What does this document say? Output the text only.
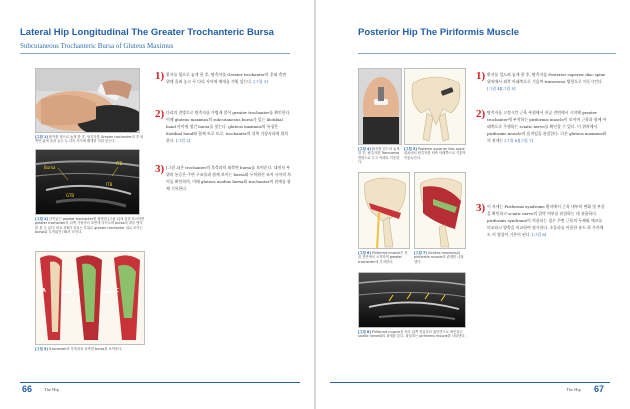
Lateral Hip Longitudinal The Greater Trochanteric Bursa
Subcutaneous Trochanteric Bursa of Gluteus Maximus
[그림 1] 환자를 옆으로 눕게 한 후, 탐촉자를 Greater trochanter의 후 외측면 위에 올려 놓고 두 다리 사이에 베개를 끼워 넣는다.
Bursa
ITB
ITB
GTB
[그림 2] 간이있는 greater trochanter를 촬영한 [그림 2]에 점을 표시하면 greater trochanter의 뒤쪽 가장자리 표면에 다다르며 bursa의 내부 엣지를 볼 수 있다. 바로 ITB가 걸치는 부위로 greater trochanter 위로 보이는 bursa와 두꺼워진 ITB가 보인다.
A	B	C
[그림 3] Trochanter의 후측과의 외측면 bursa를 보여준다.
1) 환자를 옆으로 눕게 한 후, 탐촉자를 Greater trochanter의 후외 측면 위에 올려 놓고 두 다리 사이에 베개를 끼워 넣는다. [그림 1]
2) 다리의 전방으로 탐촉자를 가볍게 밀어 greater trochanter를 확인한다. 이때 gluteus maximus의 subcutaneous bursa가 있는 iliotibial band 사이에 생긴 bursa를 찾는다. gluteus maximus의 특징은 iliotibial band와 함께 트로 트로, trochanter의 뒤쪽 가장자리에 위치한다. [그림 2]
3) [그림 3]은 trochanter의 후측과의 외측면 bursa를 보여준다. 대전자 부위의 통증은 주변 구조물과 함께 보이는 bursa와 두꺼워진 조직 사이의 차이를 확인하며, 이때 gluteus medius bursa와 trochanter의 관계를 함께 기록한다.
66	The Hip
Posterior Hip The Piriformis Muscle
[그림 4] 환자를 엎드려 눕게 한 후, 탐촉자를 Transverse 방향으로 두고 아래로 이동한다.
[그림 5] Posterior superior iliac spine위치에서 탐촉자를 외측 아래쪽으로 기울여 이동시킨다.
[그림 6] Piriformis muscle은 천골 전면에서 시작하여 greater trochanter에 부착한다.
[그림 7] Gluteus maximus와 piriformis muscle의 관계를 나타낸다.
[그림 8] Piriformis muscle을 보다 위쪽 천골부터 횡단면으로 확인하고 sciatic nerve와의 관계를 본다. 화살표는 piriformis muscle을 나타낸다.
1) 환자를 엎드려 눕게 한 후, 탐촉자를 Posterior superior iliac spine위치에서 외측 아래쪽으로 기울여 transverse 방향으로 이동시킨다. [그림 4][그림 5]
2) 탐촉자를 고정시킨 근육 부위에서 천골 전면에서 시작해 greater trochanter에 부착하는 piriformis muscle이 보이며 근육과 함께 아래쪽으로 주행하는 sciatic nerve를 확인할 수 있다. 이 위치에서 piriformis muscle의 움직임을 관찰한다. 다른 gluteus maximus와의 관계는 [그림 6][그림 7]
3) 이 자세는 Piriformis syndrome 환자에서 근육 내부의 변화 및 부종을 확인하고 sciatic nerve의 압박 여부를 관찰하는 데 유용하다. piriformis syndrome이 의심되는 경우 주변 근육의 두께와 에코를 비교하고 양측을 비교하여 평가한다. 초음파를 이용한 유도 하 주사에도 이 영상이 기본이 된다. [그림 8]
The Hip 67
